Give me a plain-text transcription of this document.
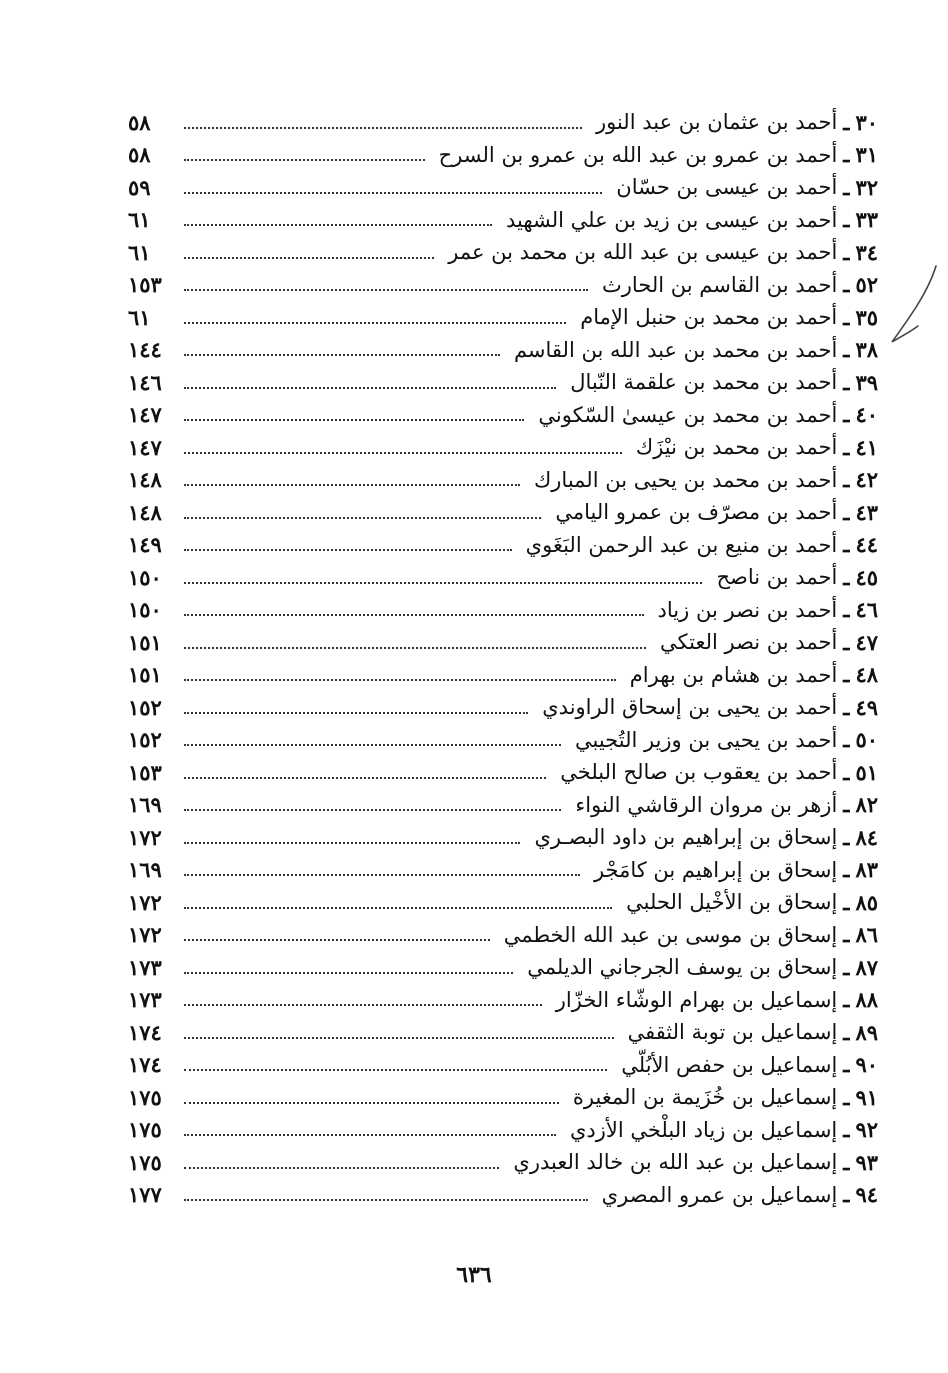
٣٠
ـ
أحمد بن عثمان بن عبد النور
٥٨
٣١
ـ
أحمد بن عمرو بن عبد الله بن عمرو بن السرح
٥٨
٣٢
ـ
أحمد بن عيسى بن حسّان
٥٩
٣٣
ـ
أحمد بن عيسى بن زيد بن علي الشهيد
٦١
٣٤
ـ
أحمد بن عيسى بن عبد الله بن محمد بن عمر
٦١
٥٢
ـ
أحمد بن القاسم بن الحارث
١٥٣
٣٥
ـ
أحمد بن محمد بن حنبل الإمام
٦١
٣٨
ـ
أحمد بن محمد بن عبد الله بن القاسم
١٤٤
٣٩
ـ
أحمد بن محمد بن علقمة النّبال
١٤٦
٤٠
ـ
أحمد بن محمد بن عيسىٰ السّكوني
١٤٧
٤١
ـ
أحمد بن محمد بن نيْزَك
١٤٧
٤٢
ـ
أحمد بن محمد بن يحيى بن المبارك
١٤٨
٤٣
ـ
أحمد بن مصرّف بن عمرو اليامي
١٤٨
٤٤
ـ
أحمد بن منيع بن عبد الرحمن البَغَوي
١٤٩
٤٥
ـ
أحمد بن ناصح
١٥٠
٤٦
ـ
أحمد بن نصر بن زياد
١٥٠
٤٧
ـ
أحمد بن نصر العتكي
١٥١
٤٨
ـ
أحمد بن هشام بن بهرام
١٥١
٤٩
ـ
أحمد بن يحيى بن إسحاق الراوندي
١٥٢
٥٠
ـ
أحمد بن يحيى بن وزير التُجيبي
١٥٢
٥١
ـ
أحمد بن يعقوب بن صالح البلخي
١٥٣
٨٢
ـ
أزهر بن مروان الرقاشي النواء
١٦٩
٨٤
ـ
إسحاق بن إبراهيم بن داود البصـري
١٧٢
٨٣
ـ
إسحاق بن إبراهيم بن كامَجْر
١٦٩
٨٥
ـ
إسحاق بن الأخْيل الحلبي
١٧٢
٨٦
ـ
إسحاق بن موسى بن عبد الله الخطمي
١٧٢
٨٧
ـ
إسحاق بن يوسف الجرجاني الديلمي
١٧٣
٨٨
ـ
إسماعيل بن بهرام الوشّاء الخزّار
١٧٣
٨٩
ـ
إسماعيل بن توبة الثقفي
١٧٤
٩٠
ـ
إسماعيل بن حفص الأبُلّي
١٧٤
٩١
ـ
إسماعيل بن خُزَيمة بن المغيرة
١٧٥
٩٢
ـ
إسماعيل بن زياد البلْخي الأزدي
١٧٥
٩٣
ـ
إسماعيل بن عبد الله بن خالد العبدري
١٧٥
٩٤
ـ
إسماعيل بن عمرو المصري
١٧٧
٦٣٦
